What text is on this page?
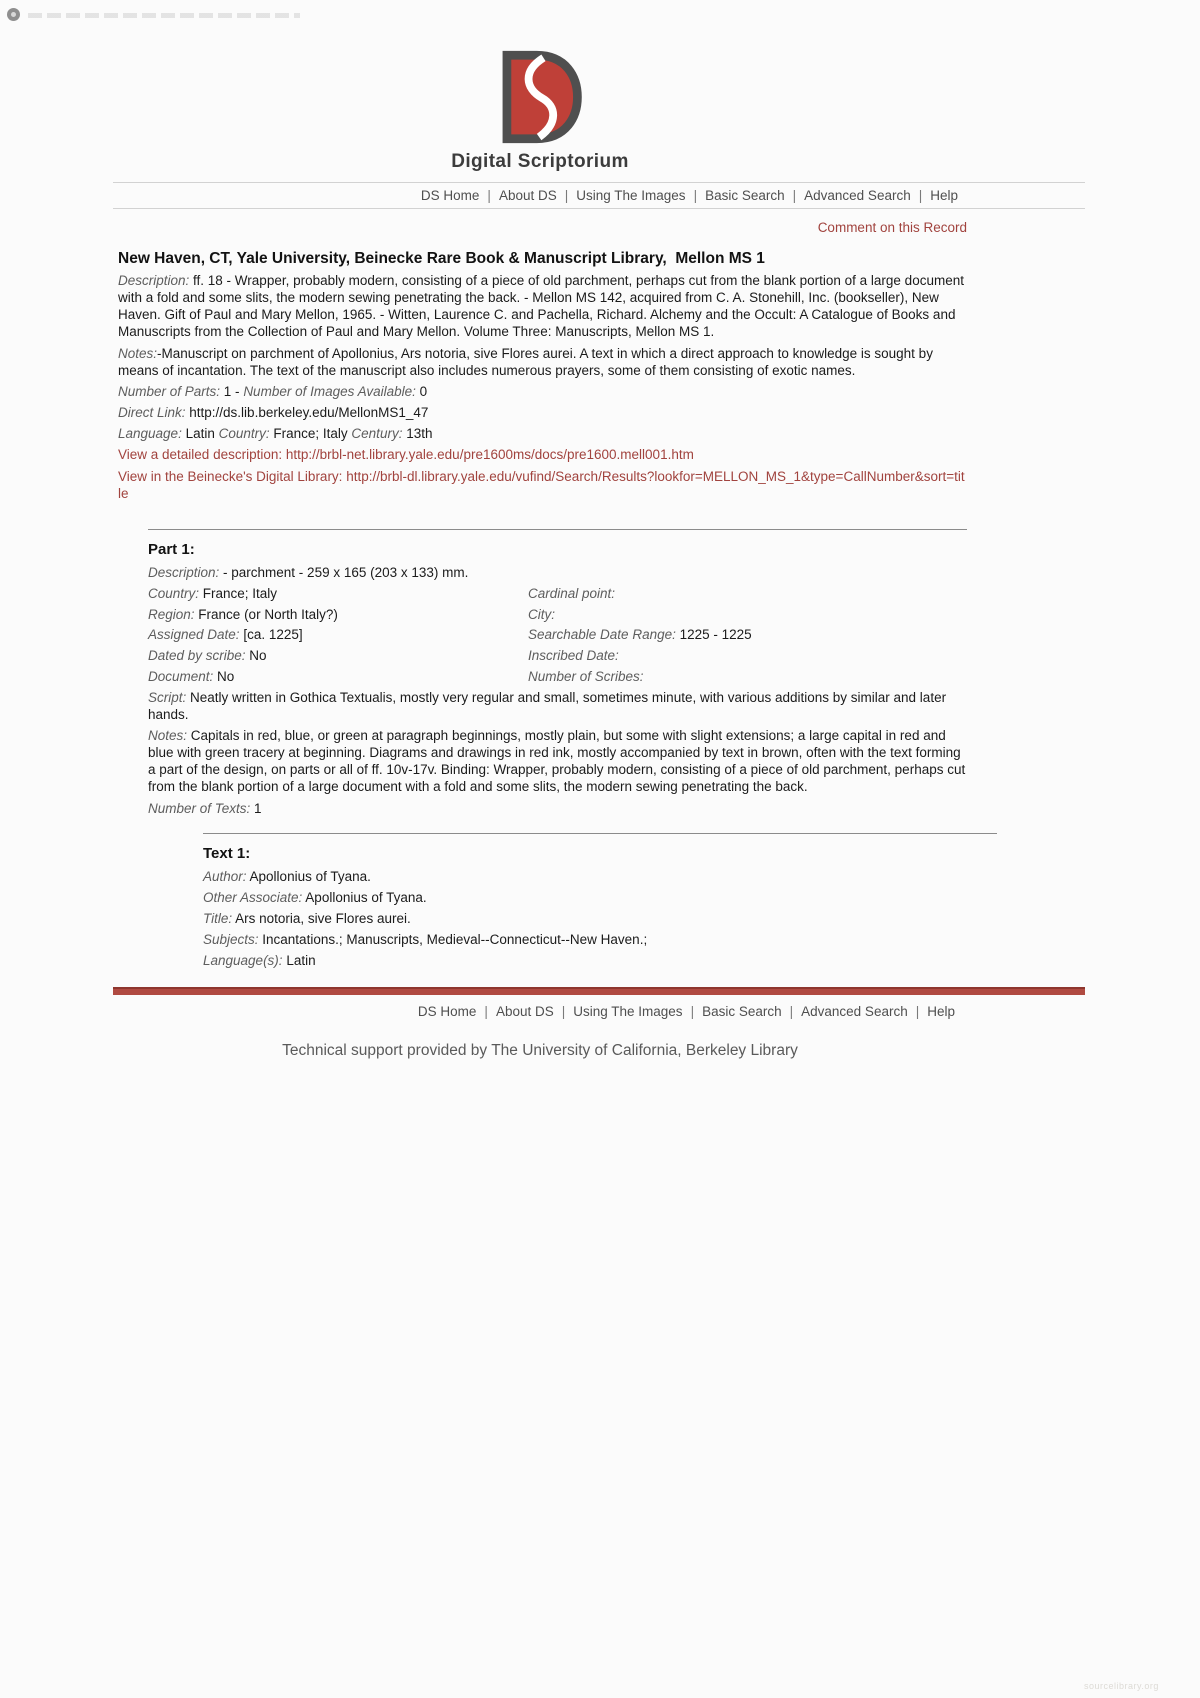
Digital Scriptorium
DS Home | About DS | Using The Images | Basic Search | Advanced Search | Help
Comment on this Record
New Haven, CT, Yale University, Beinecke Rare Book & Manuscript Library,  Mellon MS 1
Description: ff. 18 - Wrapper, probably modern, consisting of a piece of old parchment, perhaps cut from the blank portion of a large document with a fold and some slits, the modern sewing penetrating the back. - Mellon MS 142, acquired from C. A. Stonehill, Inc. (bookseller), New Haven. Gift of Paul and Mary Mellon, 1965. - Witten, Laurence C. and Pachella, Richard. Alchemy and the Occult: A Catalogue of Books and Manuscripts from the Collection of Paul and Mary Mellon. Volume Three: Manuscripts, Mellon MS 1.
Notes:-Manuscript on parchment of Apollonius, Ars notoria, sive Flores aurei. A text in which a direct approach to knowledge is sought by means of incantation. The text of the manuscript also includes numerous prayers, some of them consisting of exotic names.
Number of Parts: 1 - Number of Images Available: 0
Direct Link: http://ds.lib.berkeley.edu/MellonMS1_47
Language: Latin Country: France; Italy Century: 13th
View a detailed description: http://brbl-net.library.yale.edu/pre1600ms/docs/pre1600.mell001.htm
View in the Beinecke's Digital Library: http://brbl-dl.library.yale.edu/vufind/Search/Results?lookfor=MELLON_MS_1&type=CallNumber&sort=title
Part 1:
Description: - parchment - 259 x 165 (203 x 133) mm.
Country: France; Italy	Cardinal point:
Region: France (or North Italy?)	City:
Assigned Date: [ca. 1225]	Searchable Date Range: 1225 - 1225
Dated by scribe: No	Inscribed Date:
Document: No	Number of Scribes:
Script: Neatly written in Gothica Textualis, mostly very regular and small, sometimes minute, with various additions by similar and later hands.
Notes: Capitals in red, blue, or green at paragraph beginnings, mostly plain, but some with slight extensions; a large capital in red and blue with green tracery at beginning. Diagrams and drawings in red ink, mostly accompanied by text in brown, often with the text forming a part of the design, on parts or all of ff. 10v-17v. Binding: Wrapper, probably modern, consisting of a piece of old parchment, perhaps cut from the blank portion of a large document with a fold and some slits, the modern sewing penetrating the back.
Number of Texts: 1
Text 1:
Author: Apollonius of Tyana.
Other Associate: Apollonius of Tyana.
Title: Ars notoria, sive Flores aurei.
Subjects: Incantations.; Manuscripts, Medieval--Connecticut--New Haven.;
Language(s): Latin
DS Home | About DS | Using The Images | Basic Search | Advanced Search | Help
Technical support provided by The University of California, Berkeley Library
sourcelibrary.org
